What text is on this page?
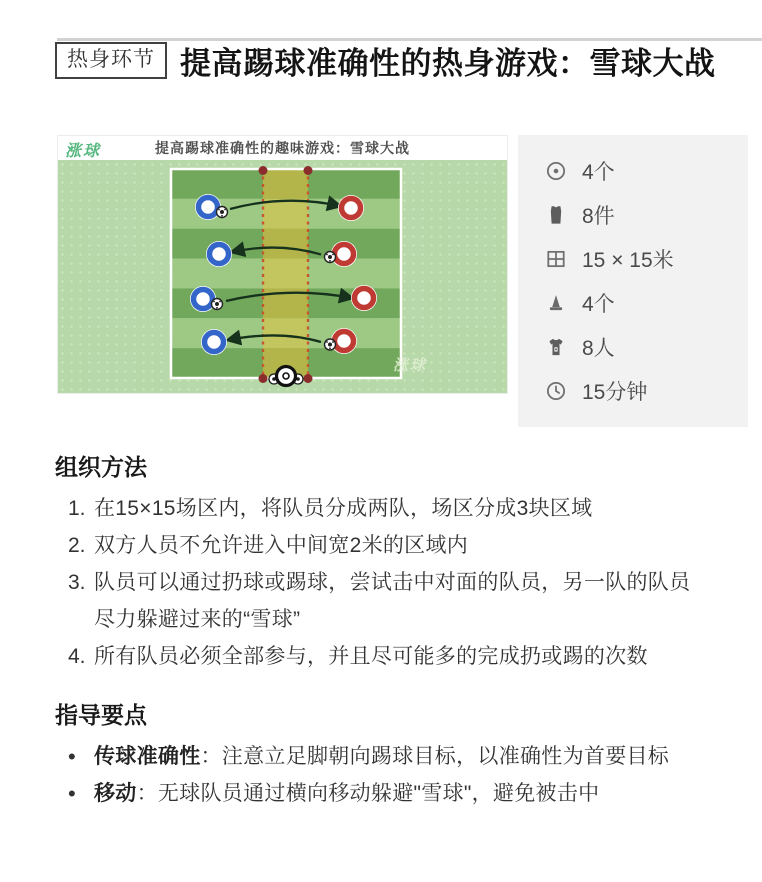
热身环节 提高踢球准确性的热身游戏：雪球大战
涨球	提高踢球准确性的趣味游戏：雪球大战
涨球
4个
8件
15 × 15米
4个
8人
15分钟
组织方法
1. 在15×15场区内，将队员分成两队，场区分成3块区域
2. 双方人员不允许进入中间宽2米的区域内
3. 队员可以通过扔球或踢球，尝试击中对面的队员，另一队的队员尽力躲避过来的“雪球”
4. 所有队员必须全部参与，并且尽可能多的完成扔或踢的次数
指导要点
• 传球准确性：注意立足脚朝向踢球目标，以准确性为首要目标
• 移动：无球队员通过横向移动躲避"雪球"，避免被击中
